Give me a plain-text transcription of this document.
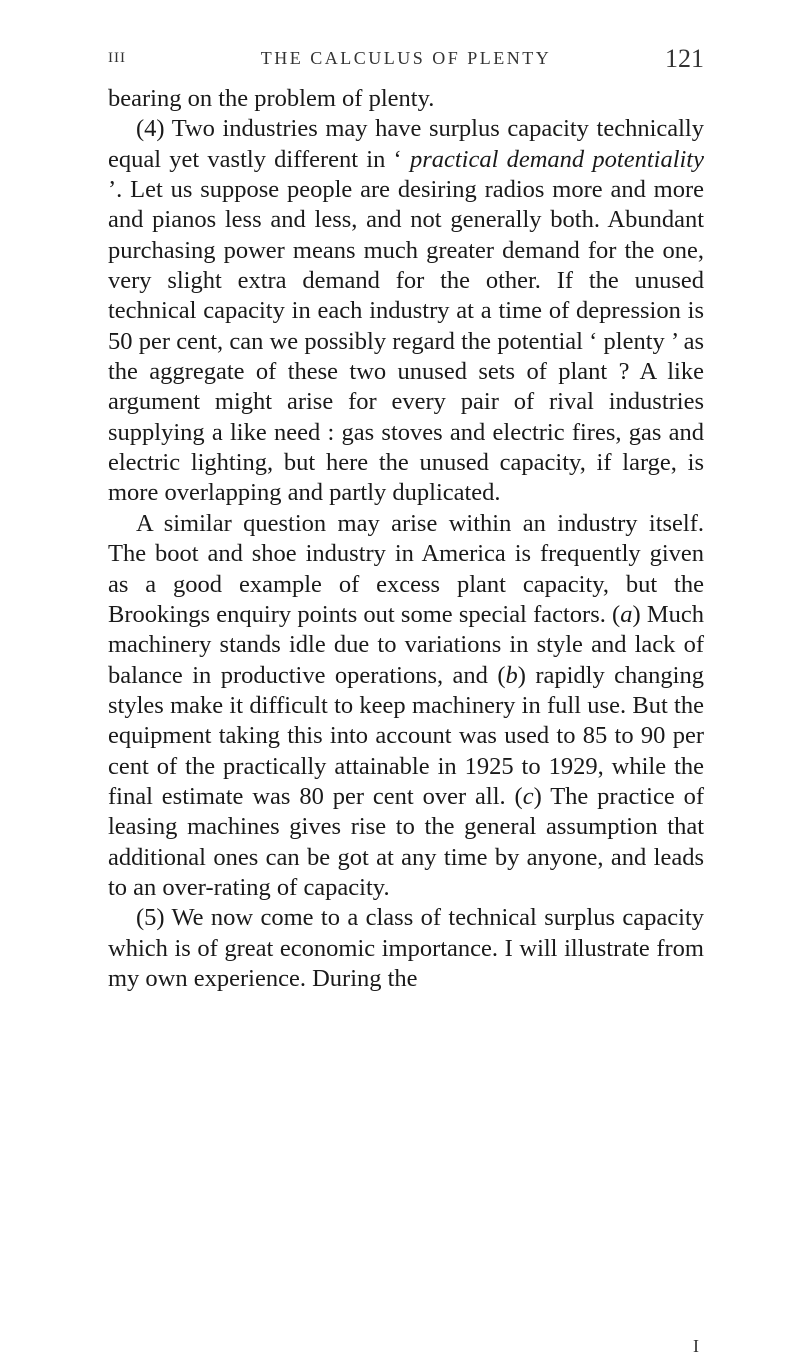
III	THE CALCULUS OF PLENTY	121

bearing on the problem of plenty.

(4) Two industries may have surplus capacity technically equal yet vastly different in ‘ practical demand potentiality ’. Let us suppose people are desiring radios more and more and pianos less and less, and not generally both. Abundant purchasing power means much greater demand for the one, very slight extra demand for the other. If the unused technical capacity in each industry at a time of depression is 50 per cent, can we possibly regard the potential ‘ plenty ’ as the aggregate of these two unused sets of plant ? A like argument might arise for every pair of rival industries supplying a like need : gas stoves and electric fires, gas and electric lighting, but here the unused capacity, if large, is more overlapping and partly duplicated.

A similar question may arise within an industry itself. The boot and shoe industry in America is frequently given as a good example of excess plant capacity, but the Brookings enquiry points out some special factors. (a) Much machinery stands idle due to variations in style and lack of balance in productive operations, and (b) rapidly changing styles make it difficult to keep machinery in full use. But the equipment taking this into account was used to 85 to 90 per cent of the practically attainable in 1925 to 1929, while the final estimate was 80 per cent over all. (c) The practice of leasing machines gives rise to the general assumption that additional ones can be got at any time by anyone, and leads to an over-rating of capacity.

(5) We now come to a class of technical surplus capacity which is of great economic importance. I will illustrate from my own experience. During the

I
